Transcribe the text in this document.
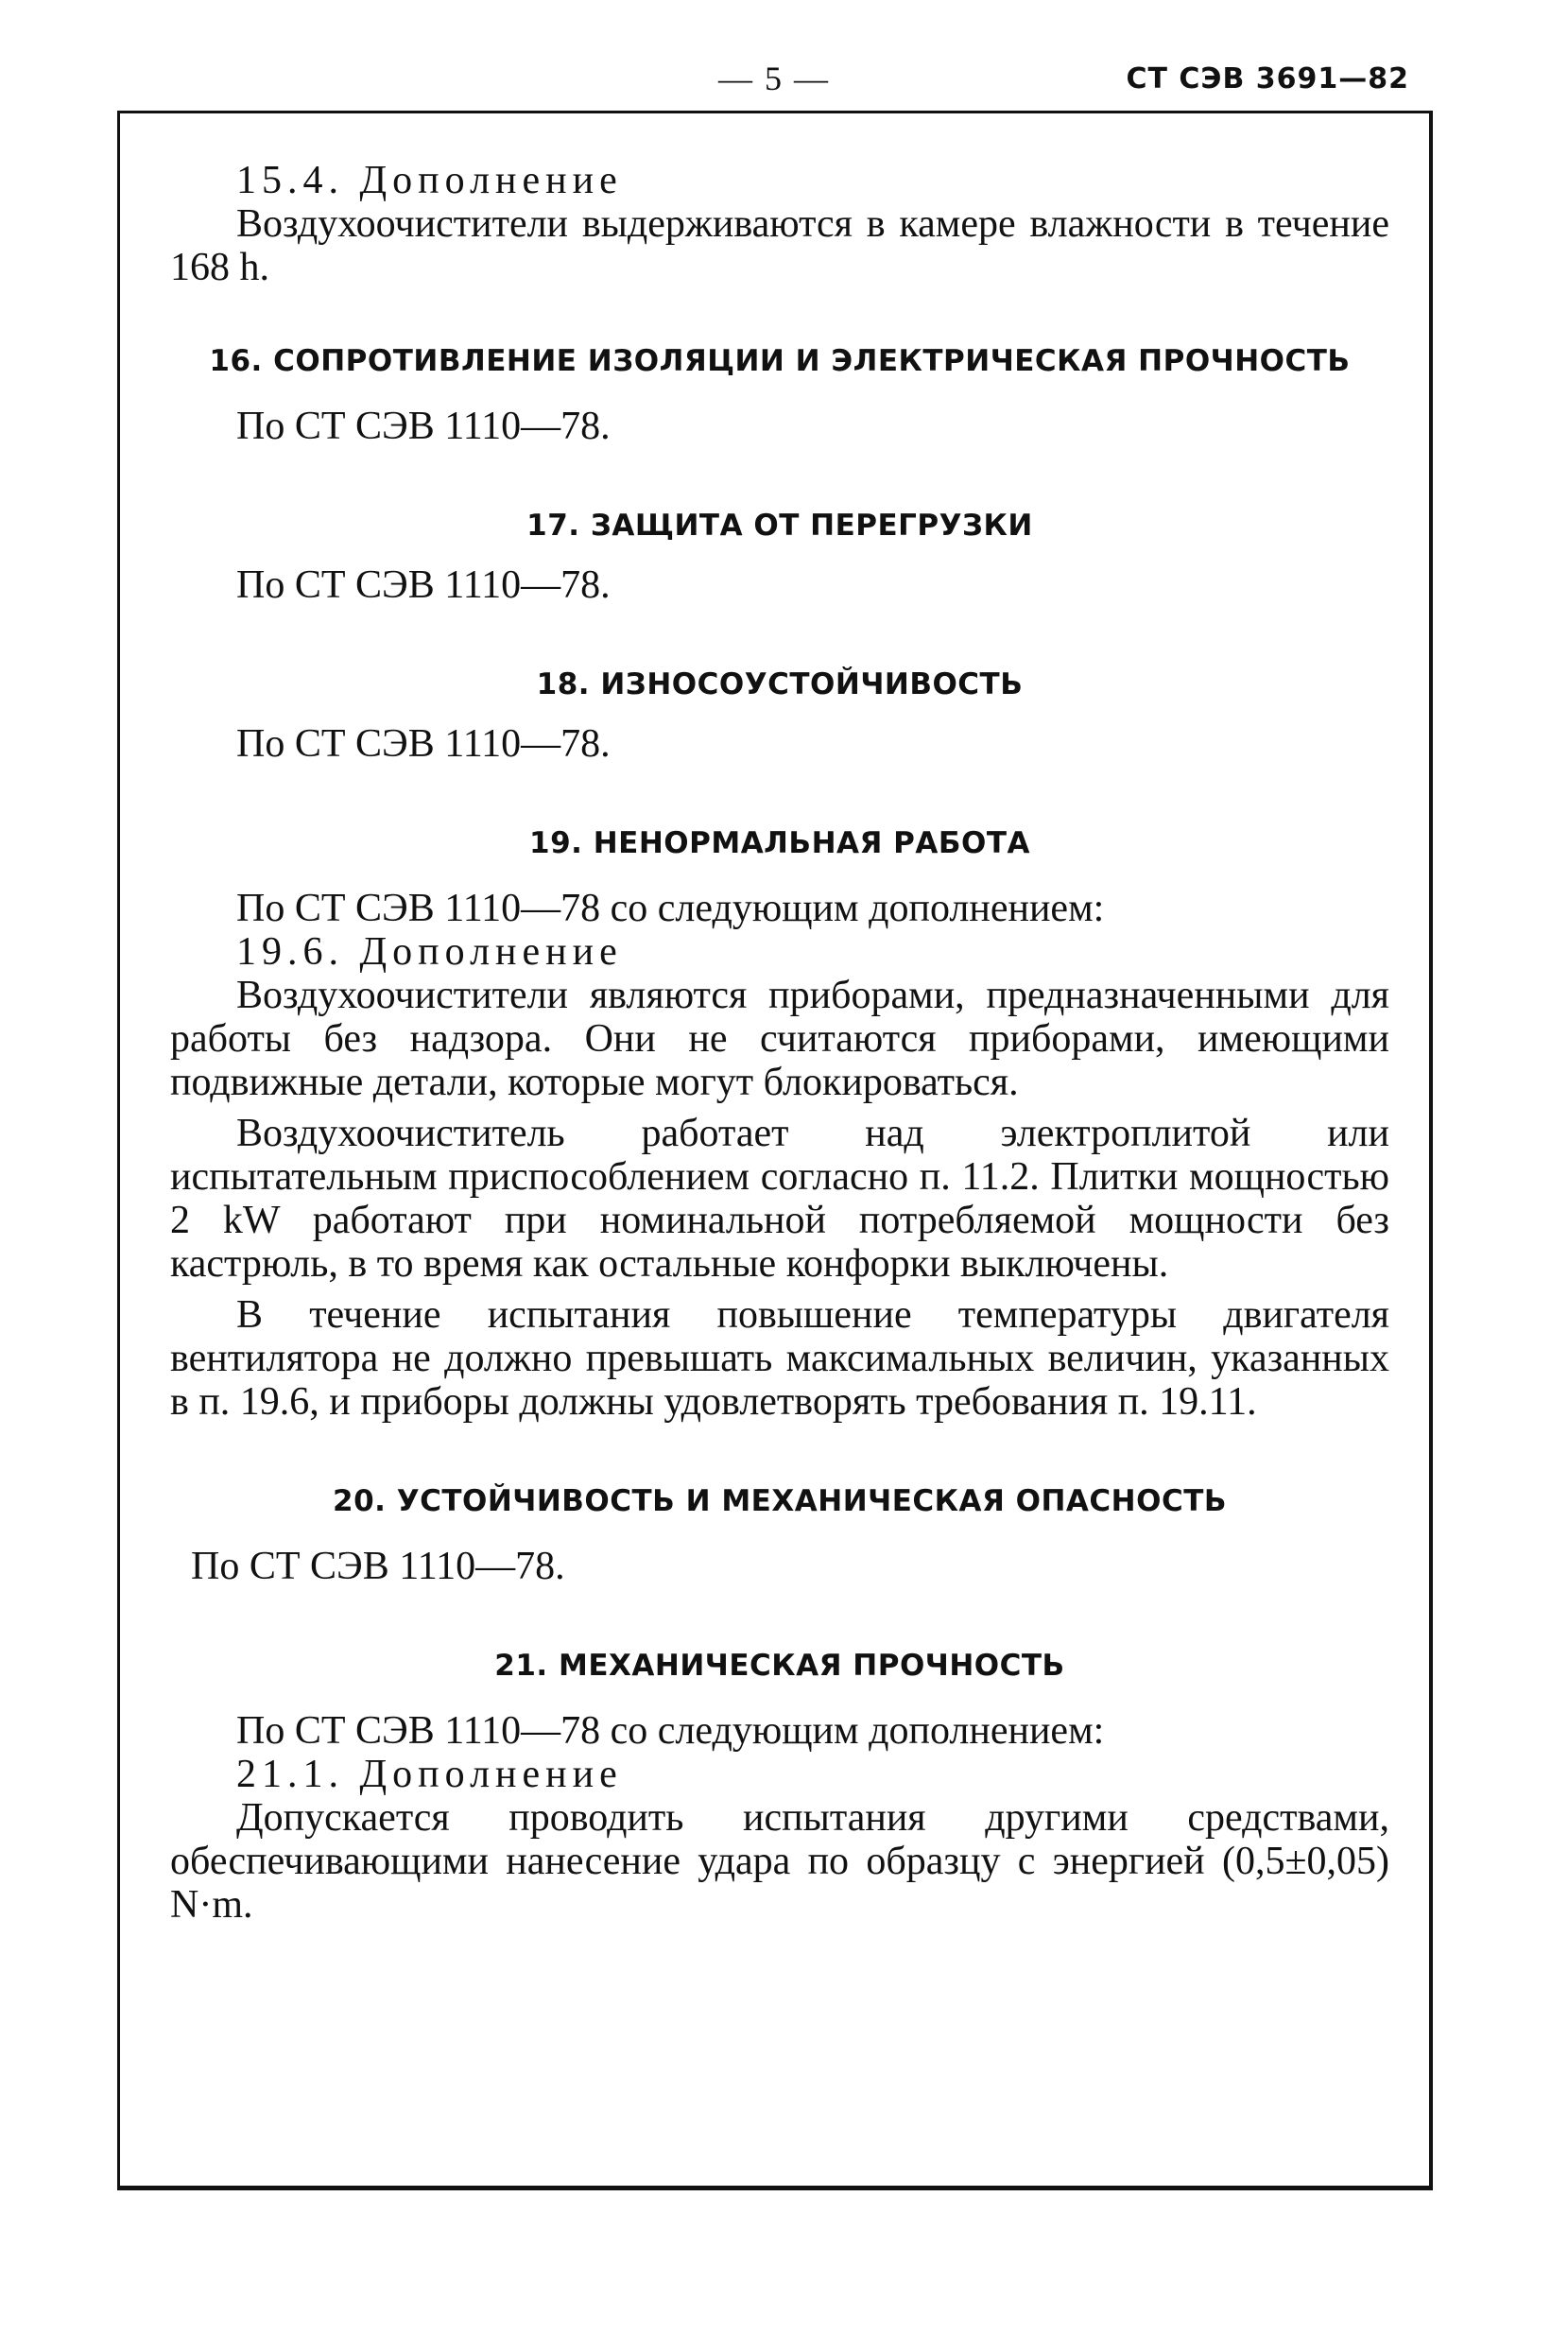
— 5 —	СТ СЭВ 3691—82

15.4. Дополнение

Воздухоочистители выдерживаются в камере влажности в течение 168 h.

16. СОПРОТИВЛЕНИЕ ИЗОЛЯЦИИ И ЭЛЕКТРИЧЕСКАЯ ПРОЧНОСТЬ

По СТ СЭВ 1110—78.

17. ЗАЩИТА ОТ ПЕРЕГРУЗКИ

По СТ СЭВ 1110—78.

18. ИЗНОСОУСТОЙЧИВОСТЬ

По СТ СЭВ 1110—78.

19. НЕНОРМАЛЬНАЯ РАБОТА

По СТ СЭВ 1110—78 со следующим дополнением:

19.6. Дополнение

Воздухоочистители являются приборами, предназначенными для работы без надзора. Они не считаются приборами, имеющими подвижные детали, которые могут блокироваться.

Воздухоочиститель работает над электроплитой или испытательным приспособлением согласно п. 11.2. Плитки мощностью 2 kW работают при номинальной потребляемой мощности без кастрюль, в то время как остальные конфорки выключены.

В течение испытания повышение температуры двигателя вентилятора не должно превышать максимальных величин, указанных в п. 19.6, и приборы должны удовлетворять требования п. 19.11.

20. УСТОЙЧИВОСТЬ И МЕХАНИЧЕСКАЯ ОПАСНОСТЬ

По СТ СЭВ 1110—78.

21. МЕХАНИЧЕСКАЯ ПРОЧНОСТЬ

По СТ СЭВ 1110—78 со следующим дополнением:

21.1. Дополнение

Допускается проводить испытания другими средствами, обеспечивающими нанесение удара по образцу с энергией (0,5±0,05) N·m.
